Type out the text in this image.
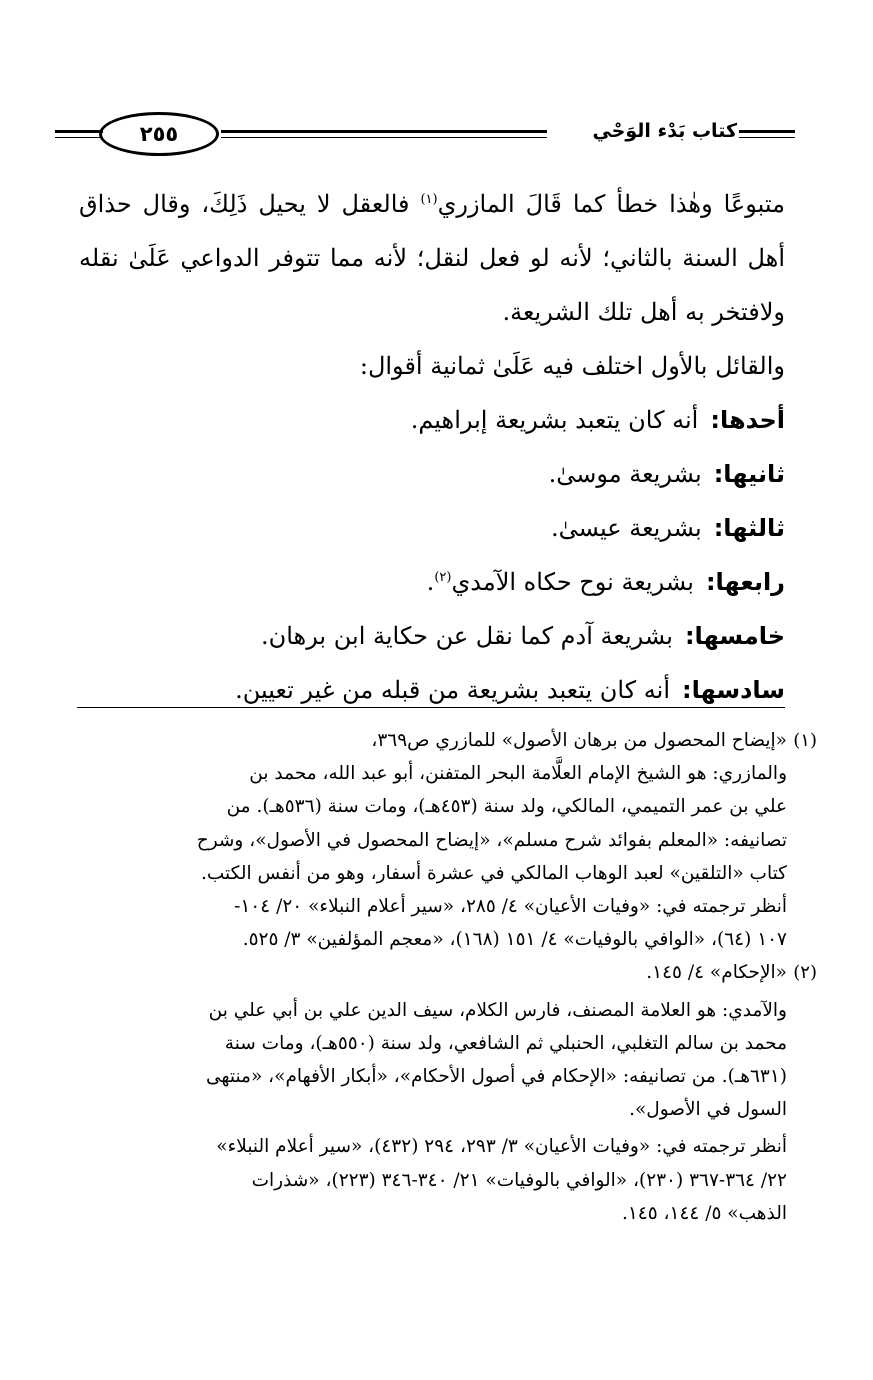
٢٥٥	كتاب بَدْء الوَحْي

متبوعًا وهٰذا خطأ كما قَالَ المازري$^{(١)}$ فالعقل لا يحيل ذَلِكَ، وقال حذاق أهل السنة بالثاني؛ لأنه لو فعل لنقل؛ لأنه مما تتوفر الدواعي عَلَىٰ نقله ولافتخر به أهل تلك الشريعة.

والقائل بالأول اختلف فيه عَلَىٰ ثمانية أقوال:

أحدها:
أنه كان يتعبد بشريعة إبراهيم.
ثانيها:
بشريعة موسىٰ.
ثالثها:
بشريعة عيسىٰ.
رابعها:
بشريعة نوح حكاه الآمدي$^{(٢)}$.
خامسها:
بشريعة آدم كما نقل عن حكاية ابن برهان.
سادسها:
أنه كان يتعبد بشريعة من قبله من غير تعيين.
(١)

«إيضاح المحصول من برهان الأصول» للمازري ص٣٦٩،

والمازري: هو الشيخ الإمام العلَّامة البحر المتفنن، أبو عبد الله، محمد بن

علي بن عمر التميمي، المالكي، ولد سنة (٤٥٣هـ)، ومات سنة (٥٣٦هـ). من

تصانيفه: «المعلم بفوائد شرح مسلم»، «إيضاح المحصول في الأصول»، وشرح

كتاب «التلقين» لعبد الوهاب المالكي في عشرة أسفار، وهو من أنفس الكتب.

أنظر ترجمته في: «وفيات الأعيان» ٤/ ٢٨٥، «سير أعلام النبلاء» ٢٠/ ١٠٤-

١٠٧ (٦٤)، «الوافي بالوفيات» ٤/ ١٥١ (١٦٨)، «معجم المؤلفين» ٣/ ٥٢٥.

(٢)

«الإحكام» ٤/ ١٤٥.

والآمدي: هو العلامة المصنف، فارس الكلام، سيف الدين علي بن أبي علي بن

محمد بن سالم التغلبي، الحنبلي ثم الشافعي، ولد سنة (٥٥٠هـ)، ومات سنة

(٦٣١هـ). من تصانيفه: «الإحكام في أصول الأحكام»، «أبكار الأفهام»، «منتهى

السول في الأصول».

أنظر ترجمته في: «وفيات الأعيان» ٣/ ٢٩٣، ٢٩٤ (٤٣٢)، «سير أعلام النبلاء»

٢٢/ ٣٦٤-٣٦٧ (٢٣٠)، «الوافي بالوفيات» ٢١/ ٣٤٠-٣٤٦ (٢٢٣)، «شذرات

الذهب» ٥/ ١٤٤، ١٤٥.
